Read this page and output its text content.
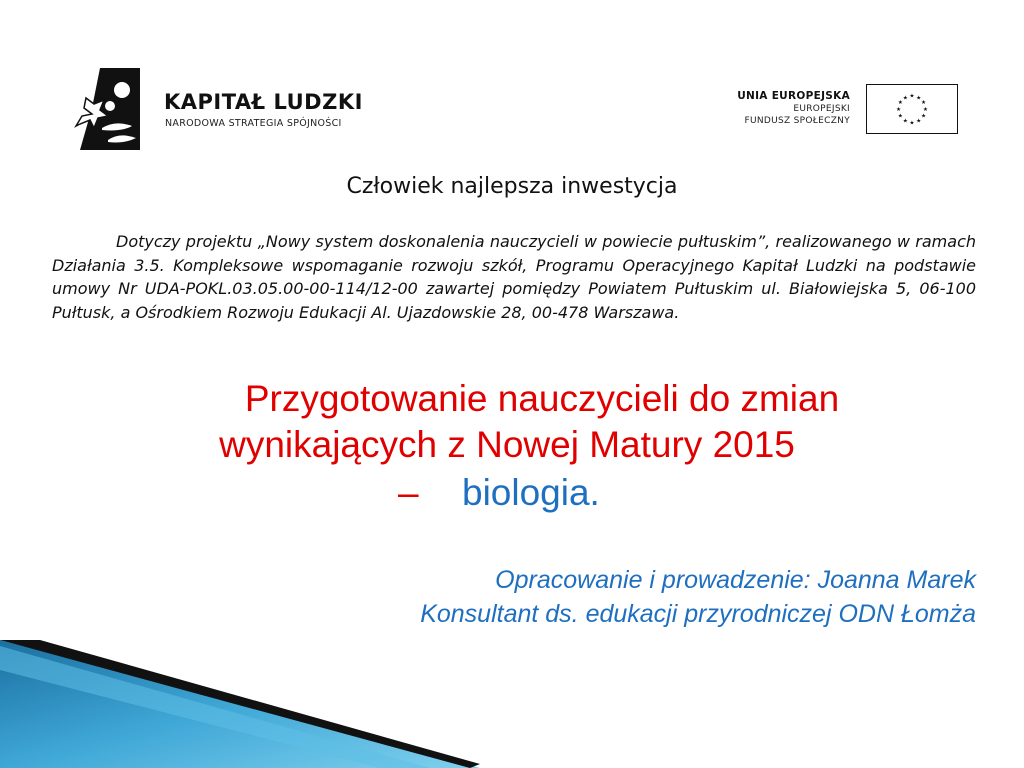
KAPITAŁ LUDZKI
NARODOWA STRATEGIA SPÓJNOŚCI
UNIA EUROPEJSKA
EUROPEJSKI
FUNDUSZ SPOŁECZNY
★
★
★
★
★
★
★
★
★ ★ ★
★
Człowiek najlepsza inwestycja
Dotyczy projektu „Nowy system doskonalenia nauczycieli w powiecie pułtuskim”, realizowanego w ramach Działania 3.5. Kompleksowe wspomaganie rozwoju szkół, Programu Operacyjnego Kapitał Ludzki na podstawie umowy Nr UDA-POKL.03.05.00-00-114/12-00 zawartej pomiędzy Powiatem Pułtuskim ul. Białowiejska 5, 06-100 Pułtusk, a Ośrodkiem Rozwoju Edukacji Al. Ujazdowskie 28, 00-478 Warszawa.
Przygotowanie nauczycieli do zmian
wynikających z Nowej Matury 2015
– biologia.
Opracowanie i prowadzenie: Joanna Marek
Konsultant ds. edukacji przyrodniczej ODN Łomża
